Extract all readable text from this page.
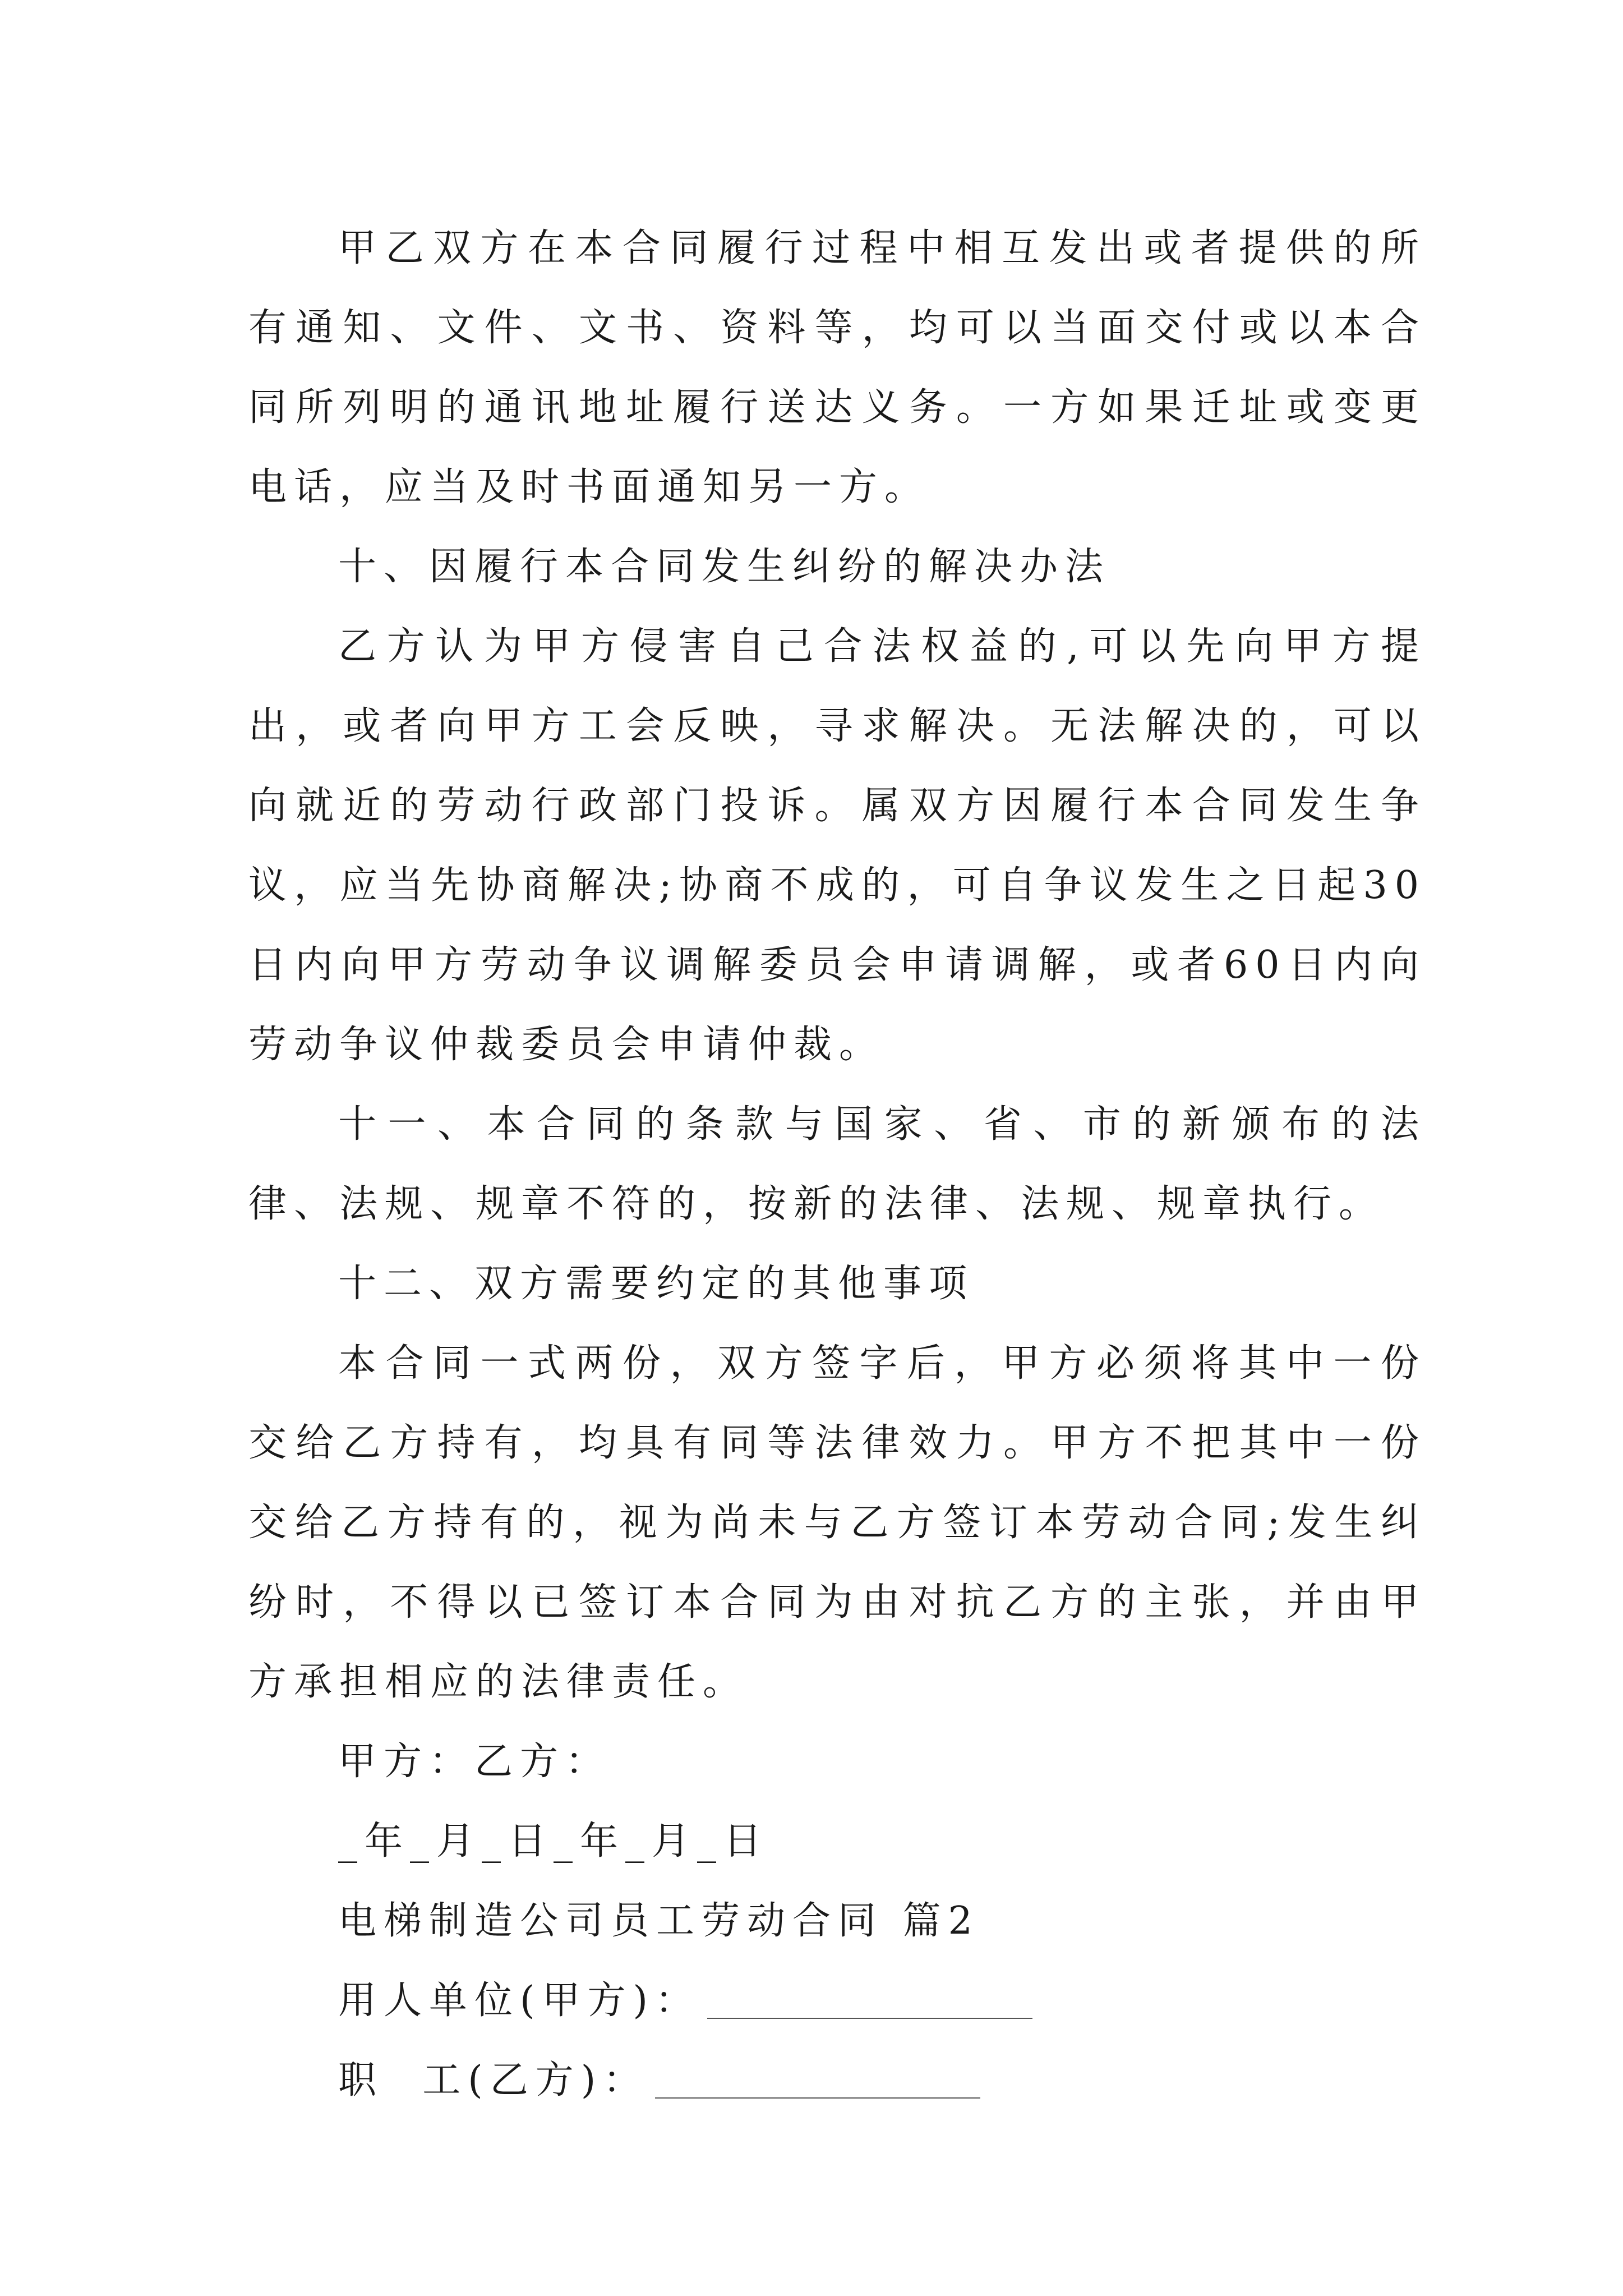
甲乙双方在本合同履行过程中相互发出或者提供的所有通知、文件、文书、资料等，均可以当面交付或以本合同所列明的通讯地址履行送达义务。一方如果迁址或变更电话，应当及时书面通知另一方。

十、因履行本合同发生纠纷的解决办法

乙方认为甲方侵害自己合法权益的,可以先向甲方提出，或者向甲方工会反映，寻求解决。无法解决的，可以向就近的劳动行政部门投诉。属双方因履行本合同发生争议，应当先协商解决;协商不成的，可自争议发生之日起30日内向甲方劳动争议调解委员会申请调解，或者60日内向劳动争议仲裁委员会申请仲裁。

十一、本合同的条款与国家、省、市的新颁布的法律、法规、规章不符的，按新的法律、法规、规章执行。

十二、双方需要约定的其他事项

本合同一式两份，双方签字后，甲方必须将其中一份交给乙方持有，均具有同等法律效力。甲方不把其中一份交给乙方持有的，视为尚未与乙方签订本劳动合同;发生纠纷时，不得以已签订本合同为由对抗乙方的主张，并由甲方承担相应的法律责任。

甲方：乙方：

_年_月_日_年_月_日

电梯制造公司员工劳动合同 篇2

用人单位(甲方)：

职  工(乙方)：
